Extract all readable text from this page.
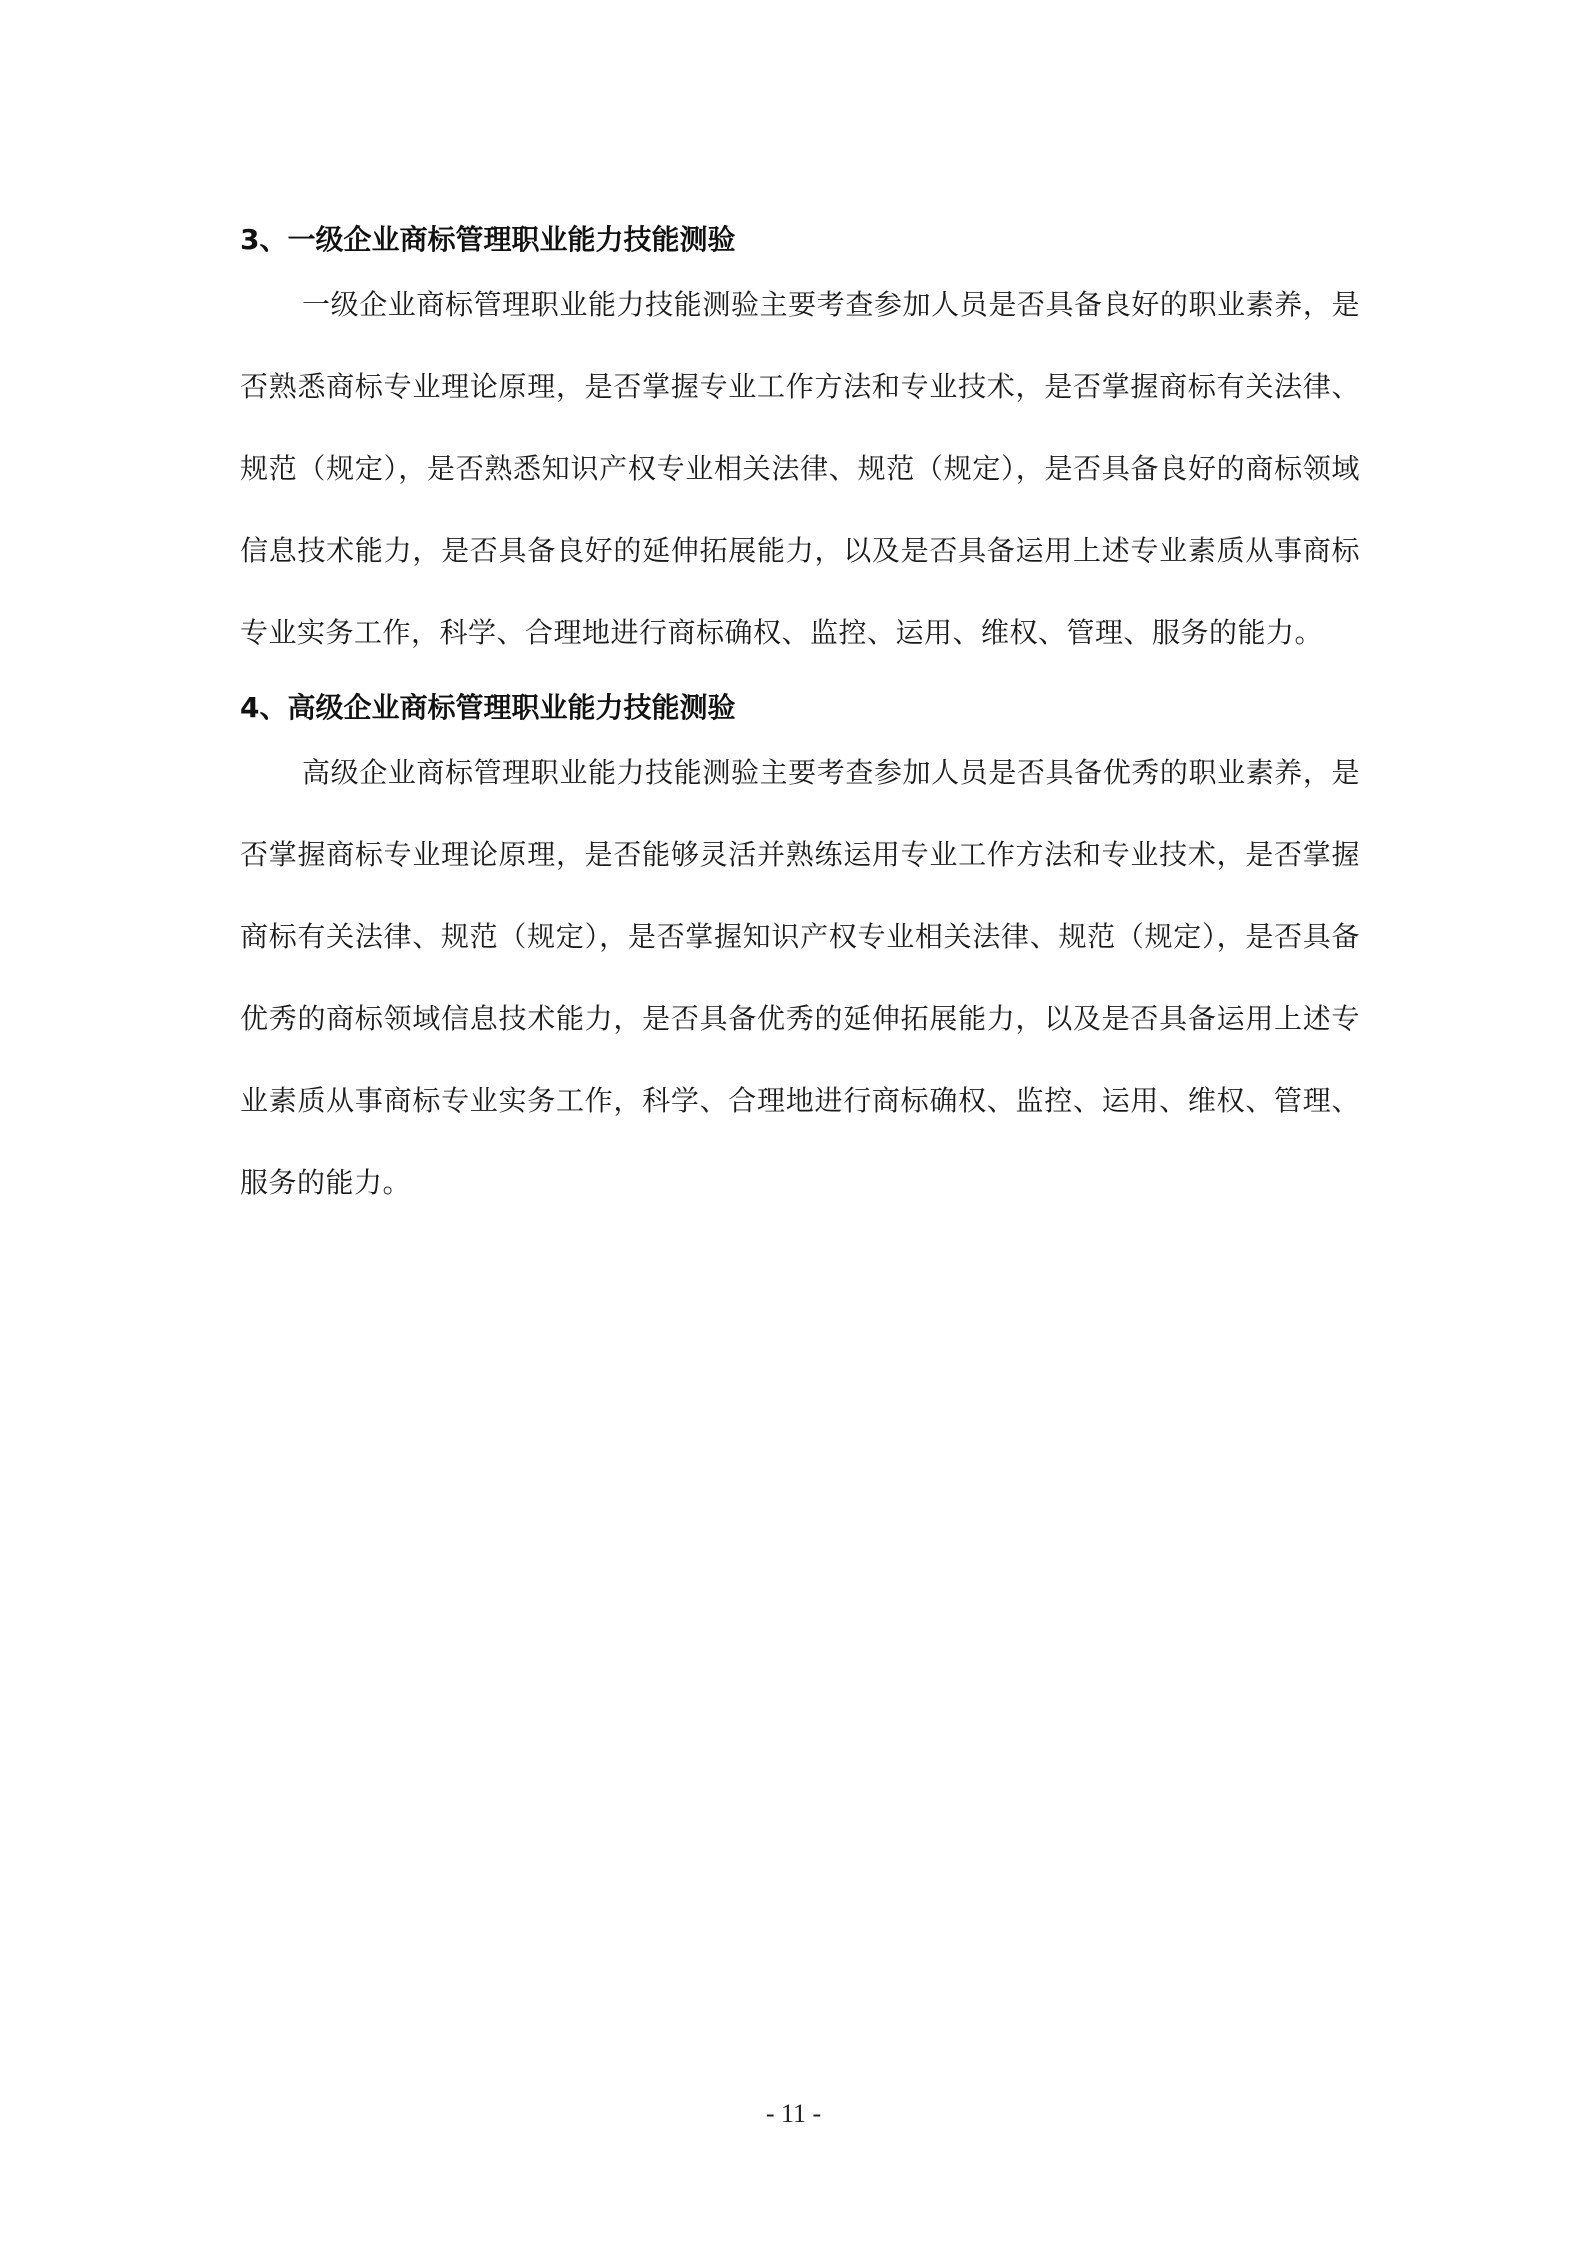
3、一级企业商标管理职业能力技能测验

一级企业商标管理职业能力技能测验主要考查参加人员是否具备良好的职业素养，是否熟悉商标专业理论原理，是否掌握专业工作方法和专业技术，是否掌握商标有关法律、规范（规定），是否熟悉知识产权专业相关法律、规范（规定），是否具备良好的商标领域信息技术能力，是否具备良好的延伸拓展能力，以及是否具备运用上述专业素质从事商标专业实务工作，科学、合理地进行商标确权、监控、运用、维权、管理、服务的能力。

4、高级企业商标管理职业能力技能测验

高级企业商标管理职业能力技能测验主要考查参加人员是否具备优秀的职业素养，是否掌握商标专业理论原理，是否能够灵活并熟练运用专业工作方法和专业技术，是否掌握商标有关法律、规范（规定），是否掌握知识产权专业相关法律、规范（规定），是否具备优秀的商标领域信息技术能力，是否具备优秀的延伸拓展能力，以及是否具备运用上述专业素质从事商标专业实务工作，科学、合理地进行商标确权、监控、运用、维权、管理、服务的能力。

- 11 -
